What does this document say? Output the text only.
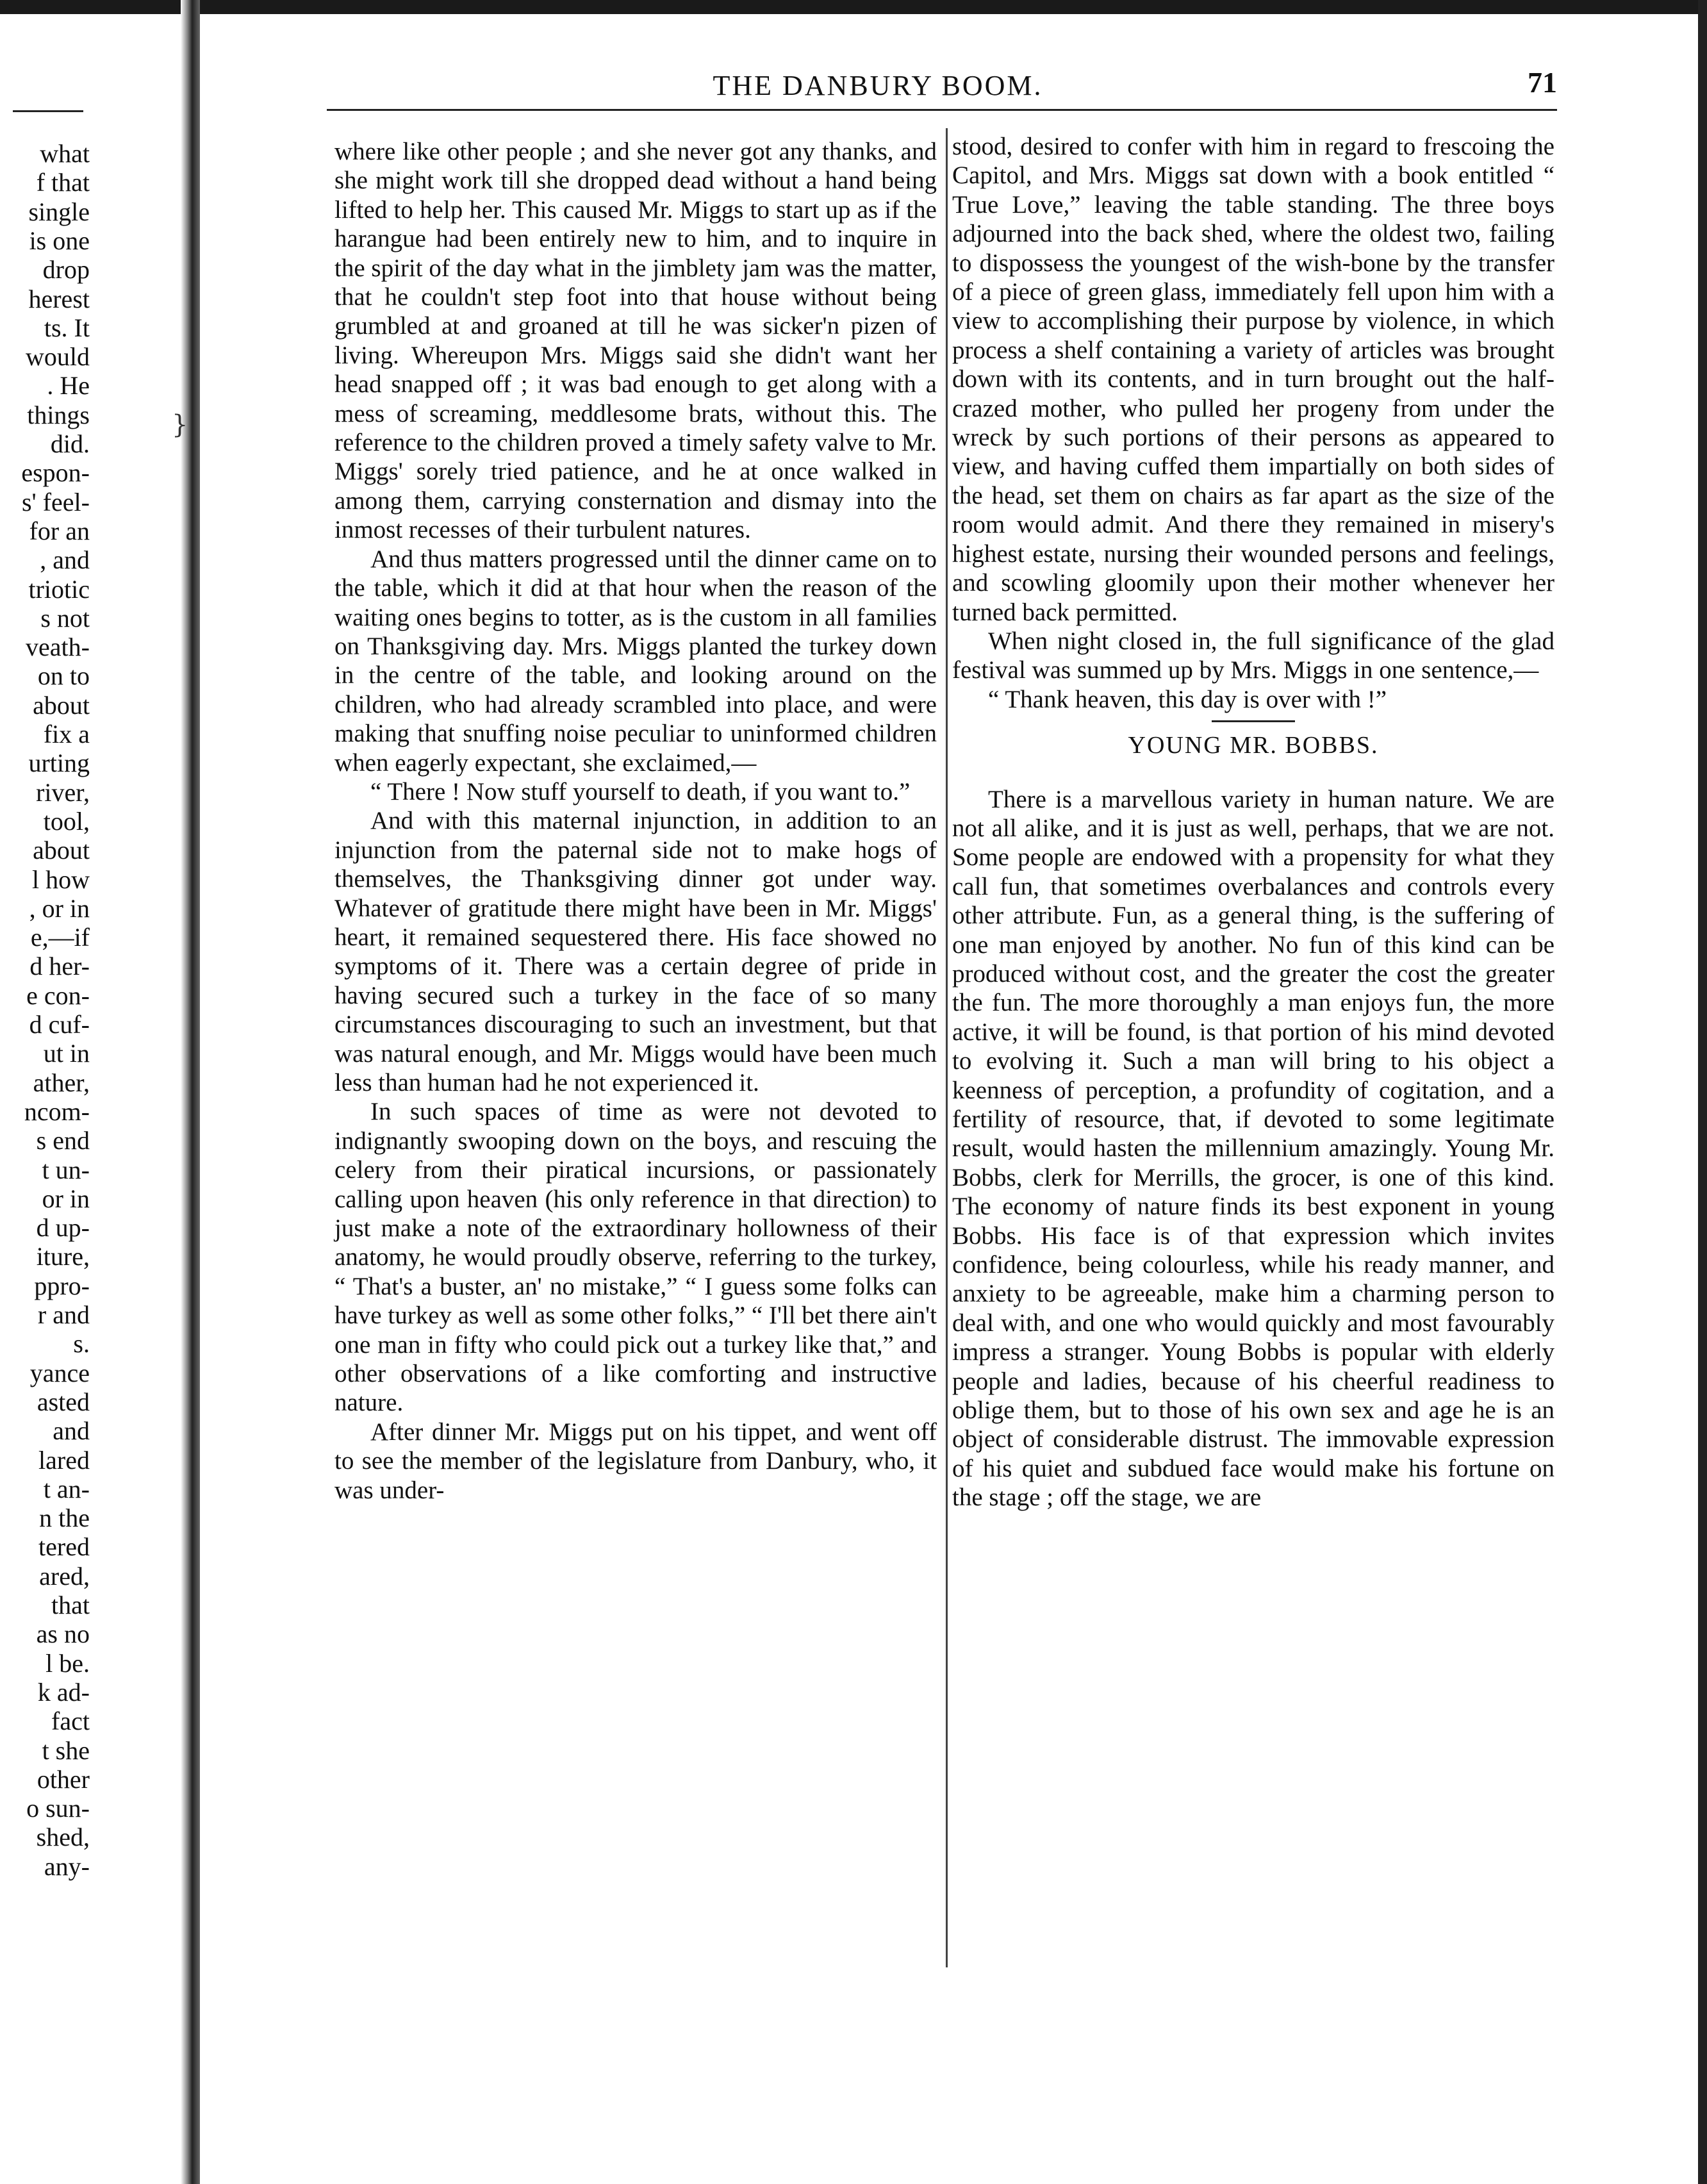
}
what
f that
single
is one
drop
herest
ts. It
would
. He
things
did.
espon-
s' feel-
for an
, and
triotic
s not
veath-
on to
about
fix a
urting
river,
tool,
about
l how
, or in
e,—if
d her-
e con-
d cuf-
ut in
ather,
ncom-
s end
t un-
or in
d up-
iture,
ppro-
r and
s.
yance
asted
and
lared
t an-
n the
tered
ared,
that
as no
l be.
k ad-
fact
t she
other
o sun-
shed,
any-
THE DANBURY BOOM.	71

where like other people ; and she never got any thanks, and she might work till she dropped dead without a hand being lifted to help her. This caused Mr. Miggs to start up as if the harangue had been entirely new to him, and to inquire in the spirit of the day what in the jimblety jam was the matter, that he couldn't step foot into that house without being grumbled at and groaned at till he was sicker'n pizen of living. Whereupon Mrs. Miggs said she didn't want her head snapped off ; it was bad enough to get along with a mess of screaming, meddlesome brats, without this. The reference to the children proved a timely safety valve to Mr. Miggs' sorely tried patience, and he at once walked in among them, carrying consternation and dismay into the inmost recesses of their turbulent natures.

And thus matters progressed until the dinner came on to the table, which it did at that hour when the reason of the waiting ones begins to totter, as is the custom in all families on Thanksgiving day. Mrs. Miggs planted the turkey down in the centre of the table, and looking around on the children, who had already scrambled into place, and were making that snuffing noise peculiar to uninformed children when eagerly expectant, she exclaimed,—

“ There ! Now stuff yourself to death, if you want to.”

And with this maternal injunction, in addition to an injunction from the paternal side not to make hogs of themselves, the Thanksgiving dinner got under way. Whatever of gratitude there might have been in Mr. Miggs' heart, it remained sequestered there. His face showed no symptoms of it. There was a certain degree of pride in having secured such a turkey in the face of so many circumstances discouraging to such an investment, but that was natural enough, and Mr. Miggs would have been much less than human had he not experienced it.

In such spaces of time as were not devoted to indignantly swooping down on the boys, and rescuing the celery from their piratical incursions, or passionately calling upon heaven (his only reference in that direction) to just make a note of the extraordinary hollowness of their anatomy, he would proudly observe, referring to the turkey, “ That's a buster, an' no mistake,” “ I guess some folks can have turkey as well as some other folks,” “ I'll bet there ain't one man in fifty who could pick out a turkey like that,” and other observations of a like comforting and instructive nature.

After dinner Mr. Miggs put on his tippet, and went off to see the member of the legislature from Danbury, who, it was under-

stood, desired to confer with him in regard to frescoing the Capitol, and Mrs. Miggs sat down with a book entitled “ True Love,” leaving the table standing. The three boys adjourned into the back shed, where the oldest two, failing to dispossess the youngest of the wish-bone by the transfer of a piece of green glass, immediately fell upon him with a view to accomplishing their purpose by violence, in which process a shelf containing a variety of articles was brought down with its contents, and in turn brought out the half-crazed mother, who pulled her progeny from under the wreck by such portions of their persons as appeared to view, and having cuffed them impartially on both sides of the head, set them on chairs as far apart as the size of the room would admit. And there they remained in misery's highest estate, nursing their wounded persons and feelings, and scowling gloomily upon their mother whenever her turned back permitted.

When night closed in, the full significance of the glad festival was summed up by Mrs. Miggs in one sentence,—

“ Thank heaven, this day is over with !”

YOUNG MR. BOBBS.

There is a marvellous variety in human nature. We are not all alike, and it is just as well, perhaps, that we are not. Some people are endowed with a propensity for what they call fun, that sometimes overbalances and controls every other attribute. Fun, as a general thing, is the suffering of one man enjoyed by another. No fun of this kind can be produced without cost, and the greater the cost the greater the fun. The more thoroughly a man enjoys fun, the more active, it will be found, is that portion of his mind devoted to evolving it. Such a man will bring to his object a keenness of perception, a profundity of cogitation, and a fertility of resource, that, if devoted to some legitimate result, would hasten the millennium amazingly. Young Mr. Bobbs, clerk for Merrills, the grocer, is one of this kind. The economy of nature finds its best exponent in young Bobbs. His face is of that expression which invites confidence, being colourless, while his ready manner, and anxiety to be agreeable, make him a charming person to deal with, and one who would quickly and most favourably impress a stranger. Young Bobbs is popular with elderly people and ladies, because of his cheerful readiness to oblige them, but to those of his own sex and age he is an object of considerable distrust. The immovable expression of his quiet and subdued face would make his fortune on the stage ; off the stage, we are
